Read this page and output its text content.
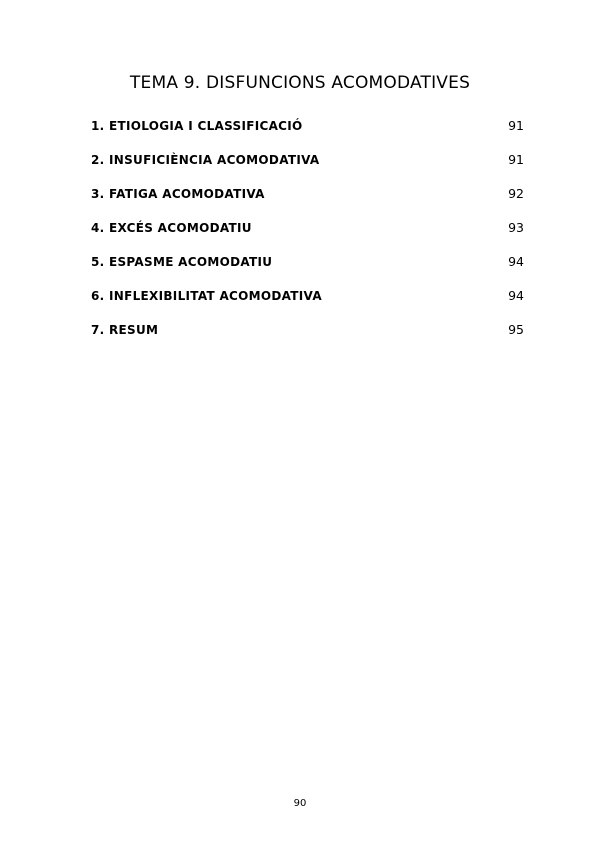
TEMA 9. DISFUNCIONS ACOMODATIVES
1. ETIOLOGIA I CLASSIFICACIÓ	91
2. INSUFICIÈNCIA ACOMODATIVA	91
3. FATIGA ACOMODATIVA	92
4. EXCÉS ACOMODATIU	93
5. ESPASME ACOMODATIU	94
6. INFLEXIBILITAT ACOMODATIVA	94
7. RESUM	95
90
